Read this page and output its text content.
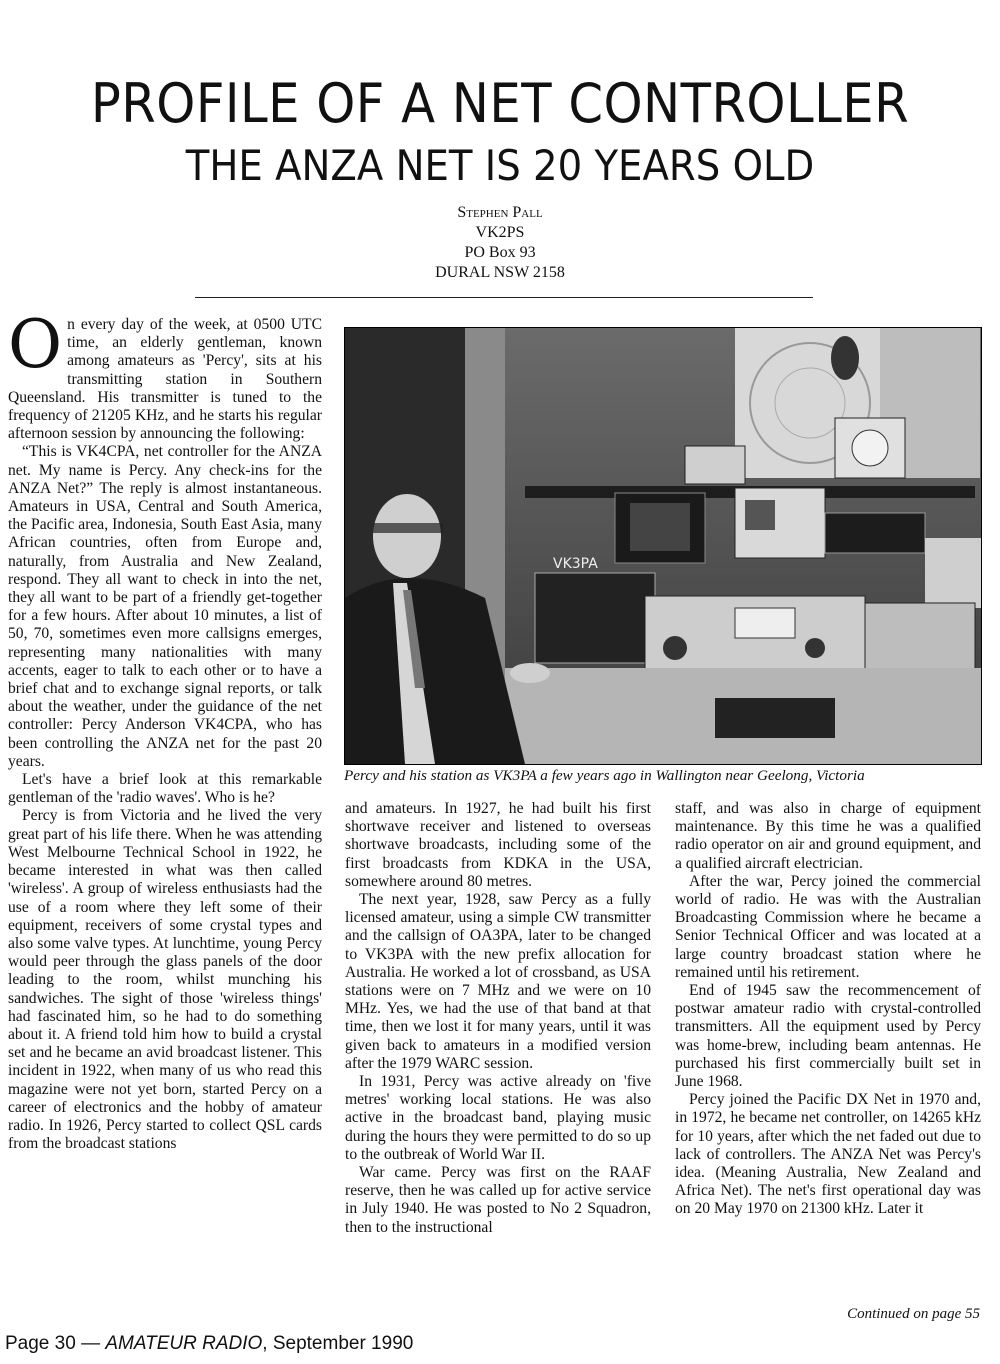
PROFILE OF A NET CONTROLLER
THE ANZA NET IS 20 YEARS OLD
Stephen Pall
VK2PS
PO Box 93
DURAL NSW 2158

On every day of the week, at 0500 UTC time, an elderly gentleman, known among amateurs as 'Percy', sits at his transmitting station in Southern Queensland. His transmitter is tuned to the frequency of 21205 KHz, and he starts his regular afternoon session by announcing the following:

“This is VK4CPA, net controller for the ANZA net. My name is Percy. Any check-ins for the ANZA Net?” The reply is almost instantaneous. Amateurs in USA, Central and South America, the Pacific area, Indonesia, South East Asia, many African countries, often from Europe and, naturally, from Australia and New Zealand, respond. They all want to check in into the net, they all want to be part of a friendly get-together for a few hours. After about 10 minutes, a list of 50, 70, sometimes even more callsigns emerges, representing many nationalities with many accents, eager to talk to each other or to have a brief chat and to exchange signal reports, or talk about the weather, under the guidance of the net controller: Percy Anderson VK4CPA, who has been controlling the ANZA net for the past 20 years.

Let's have a brief look at this remarkable gentleman of the 'radio waves'. Who is he?

Percy is from Victoria and he lived the very great part of his life there. When he was attending West Melbourne Technical School in 1922, he became interested in what was then called 'wireless'. A group of wireless enthusiasts had the use of a room where they left some of their equipment, receivers of some crystal types and also some valve types. At lunchtime, young Percy would peer through the glass panels of the door leading to the room, whilst munching his sandwiches. The sight of those 'wireless things' had fascinated him, so he had to do something about it. A friend told him how to build a crystal set and he became an avid broadcast listener. This incident in 1922, when many of us who read this magazine were not yet born, started Percy on a career of electronics and the hobby of amateur radio. In 1926, Percy started to collect QSL cards from the broadcast stations

VK3PA
Percy and his station as VK3PA a few years ago in Wallington near Geelong, Victoria

and amateurs. In 1927, he had built his first shortwave receiver and listened to overseas shortwave broadcasts, including some of the first broadcasts from KDKA in the USA, somewhere around 80 metres.

The next year, 1928, saw Percy as a fully licensed amateur, using a simple CW transmitter and the callsign of OA3PA, later to be changed to VK3PA with the new prefix allocation for Australia. He worked a lot of crossband, as USA stations were on 7 MHz and we were on 10 MHz. Yes, we had the use of that band at that time, then we lost it for many years, until it was given back to amateurs in a modified version after the 1979 WARC session.

In 1931, Percy was active already on 'five metres' working local stations. He was also active in the broadcast band, playing music during the hours they were permitted to do so up to the outbreak of World War II.

War came. Percy was first on the RAAF reserve, then he was called up for active service in July 1940. He was posted to No 2 Squadron, then to the instructional

staff, and was also in charge of equipment maintenance. By this time he was a qualified radio operator on air and ground equipment, and a qualified aircraft electrician.

After the war, Percy joined the commercial world of radio. He was with the Australian Broadcasting Commission where he became a Senior Technical Officer and was located at a large country broadcast station where he remained until his retirement.

End of 1945 saw the recommencement of postwar amateur radio with crystal-controlled transmitters. All the equipment used by Percy was home-brew, including beam antennas. He purchased his first commercially built set in June 1968.

Percy joined the Pacific DX Net in 1970 and, in 1972, he became net controller, on 14265 kHz for 10 years, after which the net faded out due to lack of controllers. The ANZA Net was Percy's idea. (Meaning Australia, New Zealand and Africa Net). The net's first operational day was on 20 May 1970 on 21300 kHz. Later it

Continued on page 55
Page 30 — AMATEUR RADIO, September 1990
